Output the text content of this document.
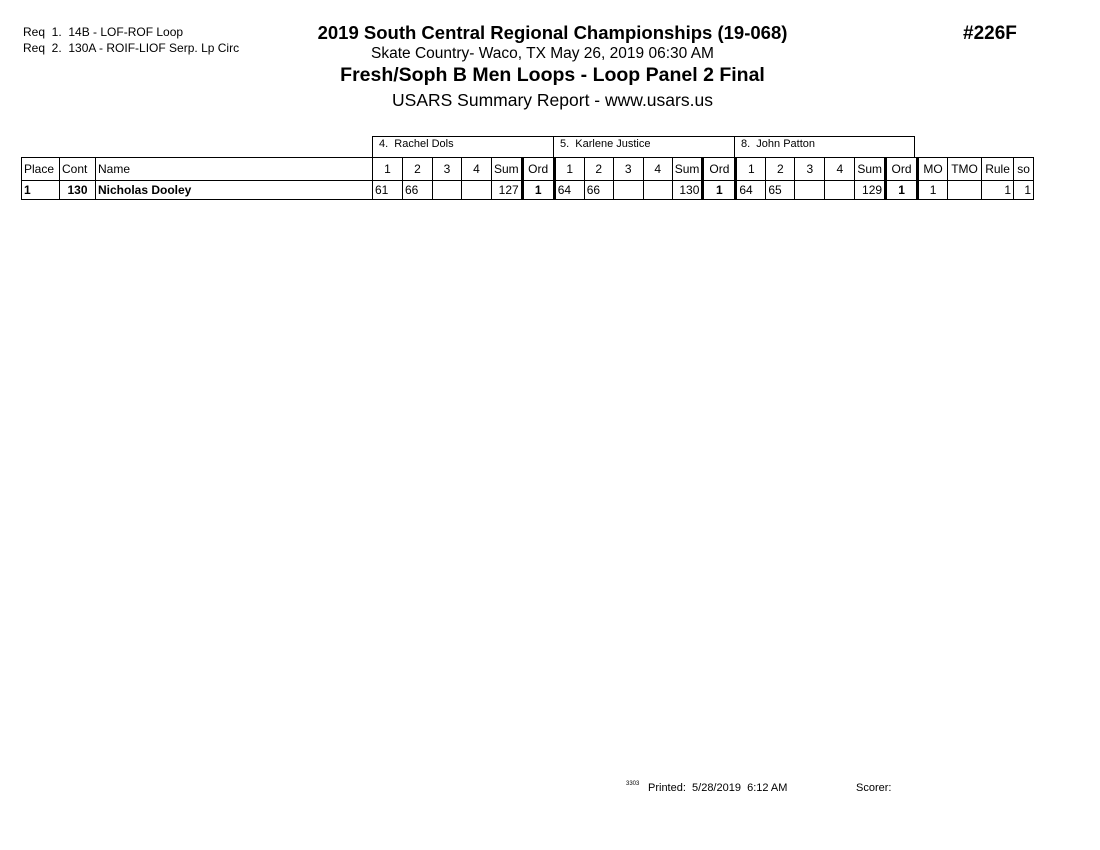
Req  1.  14B - LOF-ROF Loop
Req  2.  130A - ROIF-LIOF Serp. Lp Circ
2019 South Central Regional Championships (19-068)
Skate Country- Waco, TX May 26, 2019 06:30 AM
Fresh/Soph B Men Loops - Loop Panel 2 Final
USARS Summary Report - www.usars.us
#226F
4.  Rachel Dols	5.  Karlene Justice	8.  John Patton
Place	Cont	Name	1	2	3	4	Sum	Ord	1	2	3	4	Sum	Ord	1	2	3	4	Sum	Ord	MO	TMO	Rule	so
1	130	Nicholas Dooley	61	66			127	1	64	66			130	1	64	65			129	1	1		1	1
3303 Printed:  5/28/2019  6:12 AM	Scorer:
